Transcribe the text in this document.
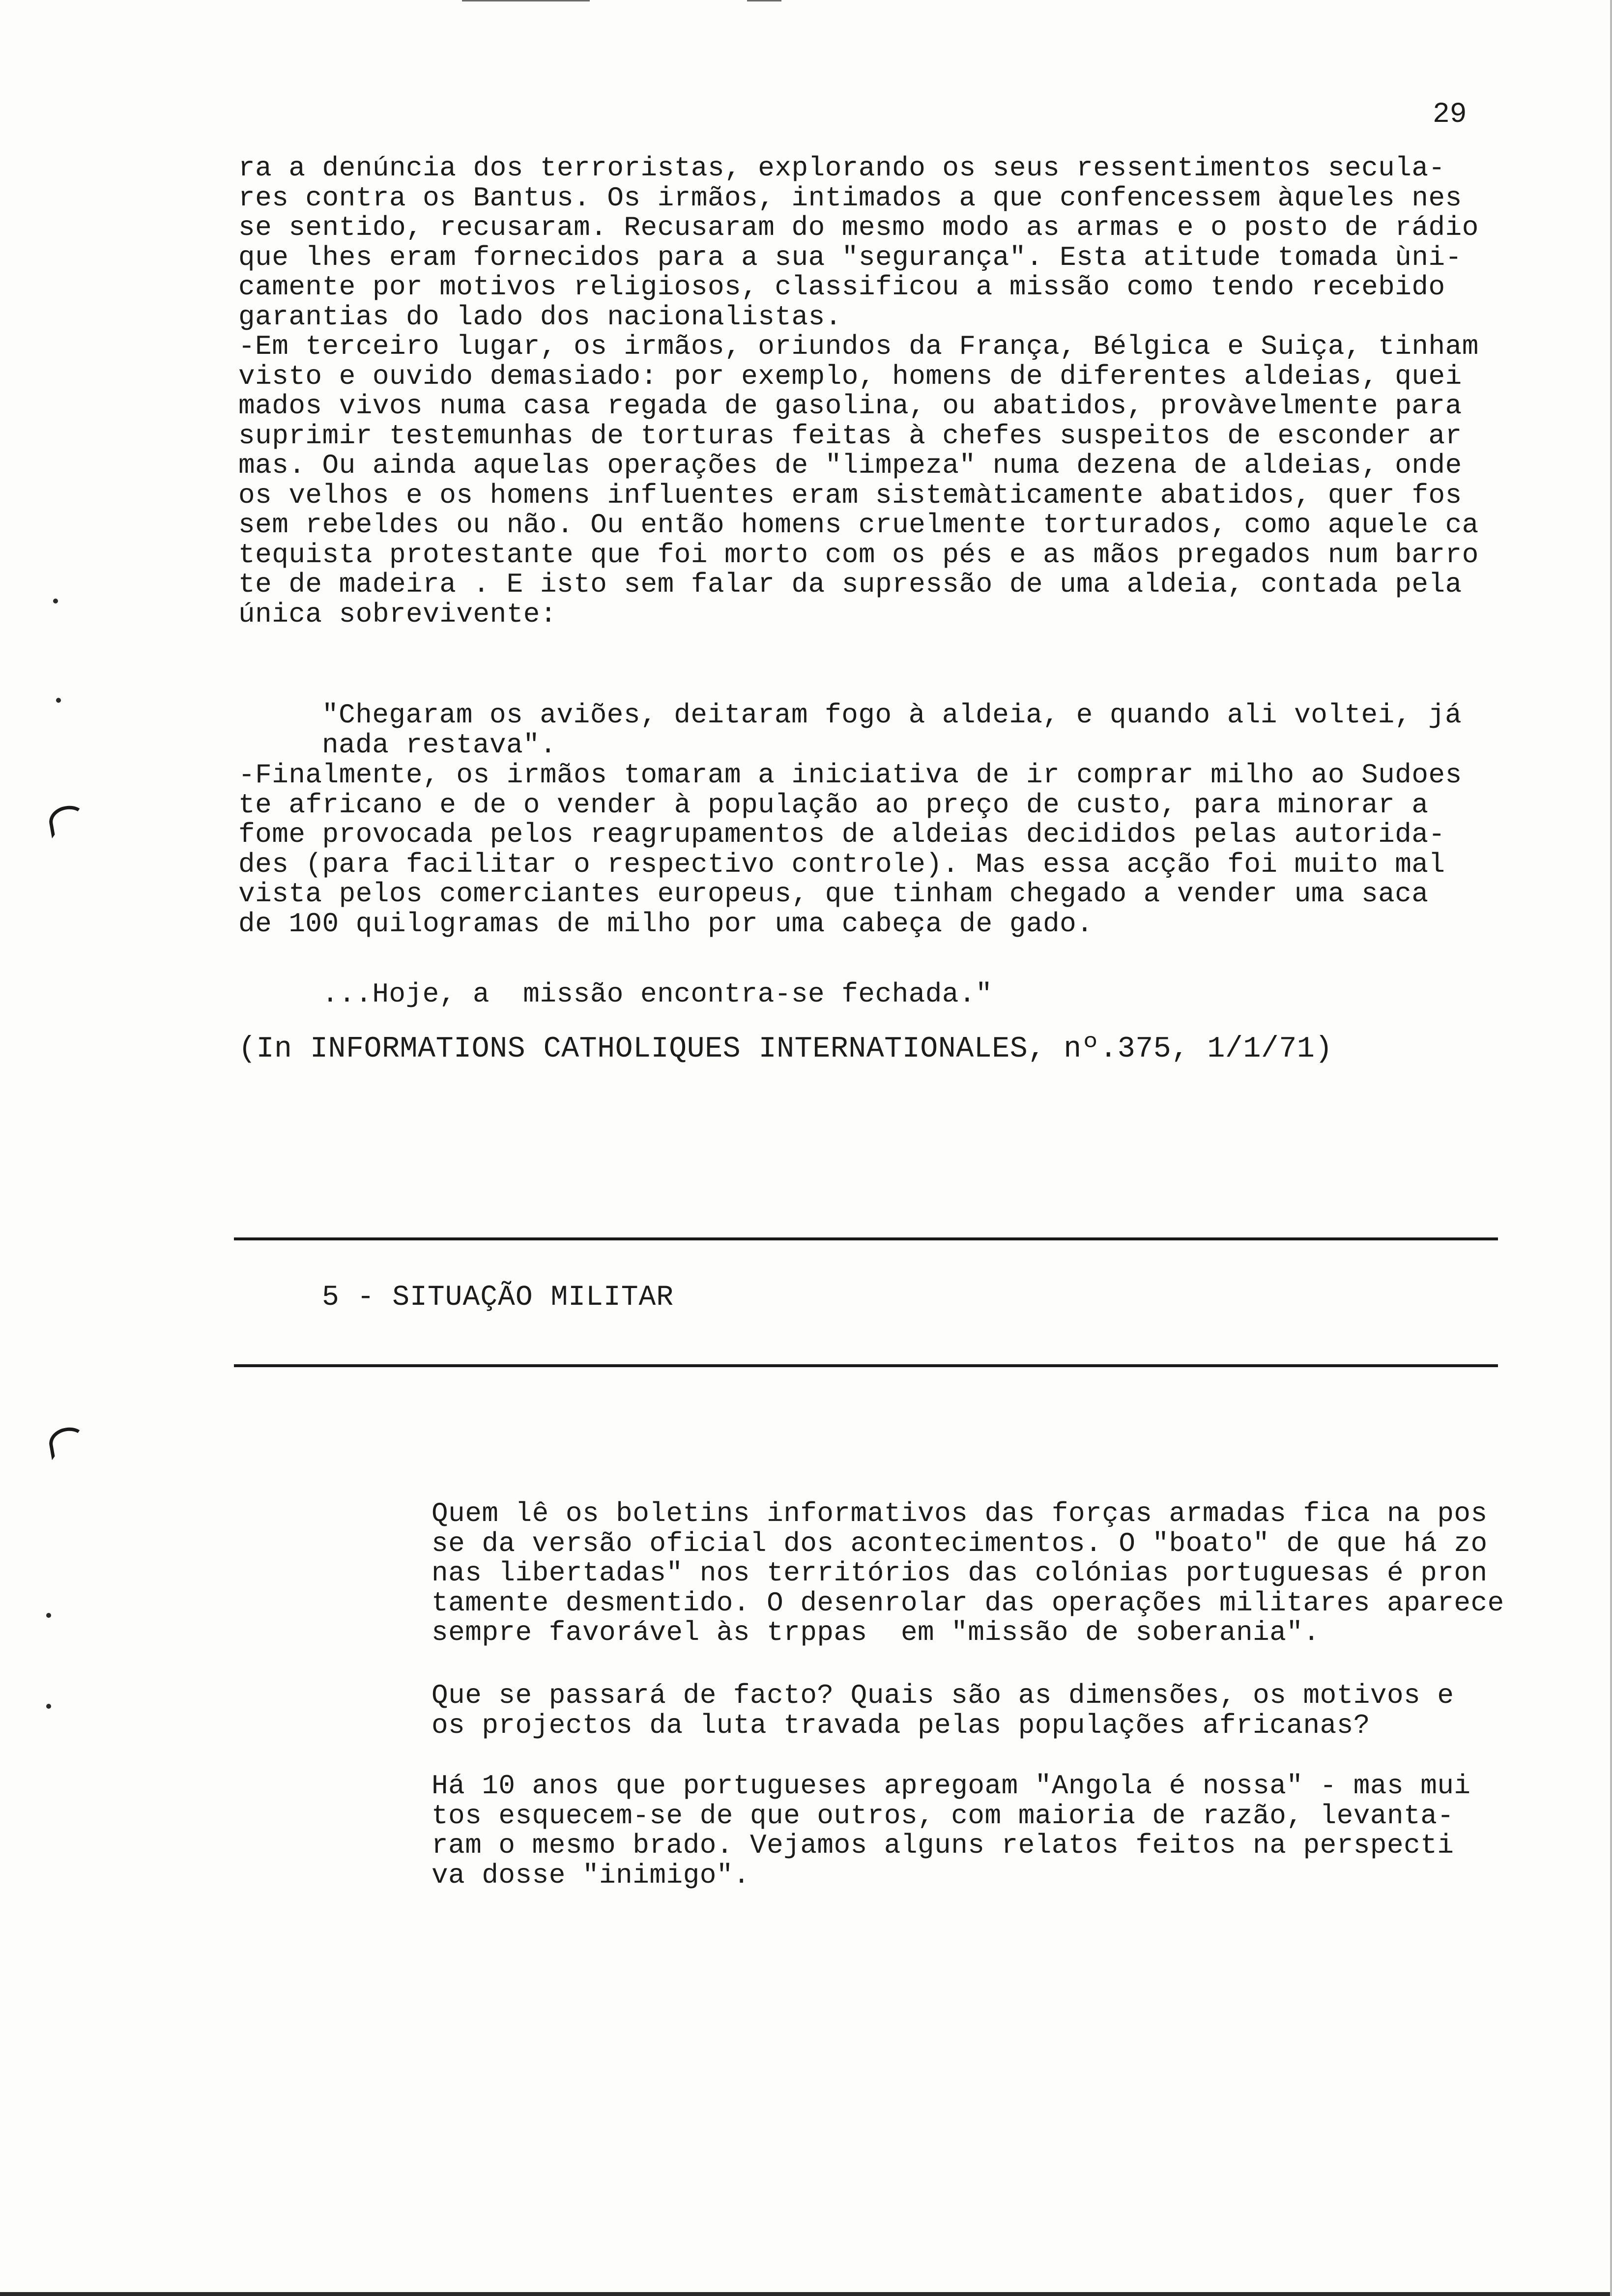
29
ra a denúncia dos terroristas, explorando os seus ressentimentos secula-
res contra os Bantus. Os irmãos, intimados a que confencessem àqueles nes
se sentido, recusaram. Recusaram do mesmo modo as armas e o posto de rádio
que lhes eram fornecidos para a sua "segurança". Esta atitude tomada ùni-
camente por motivos religiosos, classificou a missão como tendo recebido
garantias do lado dos nacionalistas.
-Em terceiro lugar, os irmãos, oriundos da França, Bélgica e Suiça, tinham
visto e ouvido demasiado: por exemplo, homens de diferentes aldeias, quei
mados vivos numa casa regada de gasolina, ou abatidos, provàvelmente para
suprimir testemunhas de torturas feitas à chefes suspeitos de esconder ar
mas. Ou ainda aquelas operações de "limpeza" numa dezena de aldeias, onde
os velhos e os homens influentes eram sistemàticamente abatidos, quer fos
sem rebeldes ou não. Ou então homens cruelmente torturados, como aquele ca
tequista protestante que foi morto com os pés e as mãos pregados num barro
te de madeira . E isto sem falar da supressão de uma aldeia, contada pela
única sobrevivente:
"Chegaram os aviões, deitaram fogo à aldeia, e quando ali voltei, já
nada restava".
-Finalmente, os irmãos tomaram a iniciativa de ir comprar milho ao Sudoes
te africano e de o vender à população ao preço de custo, para minorar a
fome provocada pelos reagrupamentos de aldeias decididos pelas autorida-
des (para facilitar o respectivo controle). Mas essa acção foi muito mal
vista pelos comerciantes europeus, que tinham chegado a vender uma saca
de 100 quilogramas de milho por uma cabeça de gado.
...Hoje, a  missão encontra-se fechada."
(In INFORMATIONS CATHOLIQUES INTERNATIONALES, nº.375, 1/1/71)
5 - SITUAÇÃO MILITAR
Quem lê os boletins informativos das forças armadas fica na pos
se da versão oficial dos acontecimentos. O "boato" de que há zo
nas libertadas" nos territórios das colónias portuguesas é pron
tamente desmentido. O desenrolar das operações militares aparece
sempre favorável às trppas  em "missão de soberania".
Que se passará de facto? Quais são as dimensões, os motivos e
os projectos da luta travada pelas populações africanas?
Há 10 anos que portugueses apregoam "Angola é nossa" - mas mui
tos esquecem-se de que outros, com maioria de razão, levanta-
ram o mesmo brado. Vejamos alguns relatos feitos na perspecti
va dosse "inimigo".
